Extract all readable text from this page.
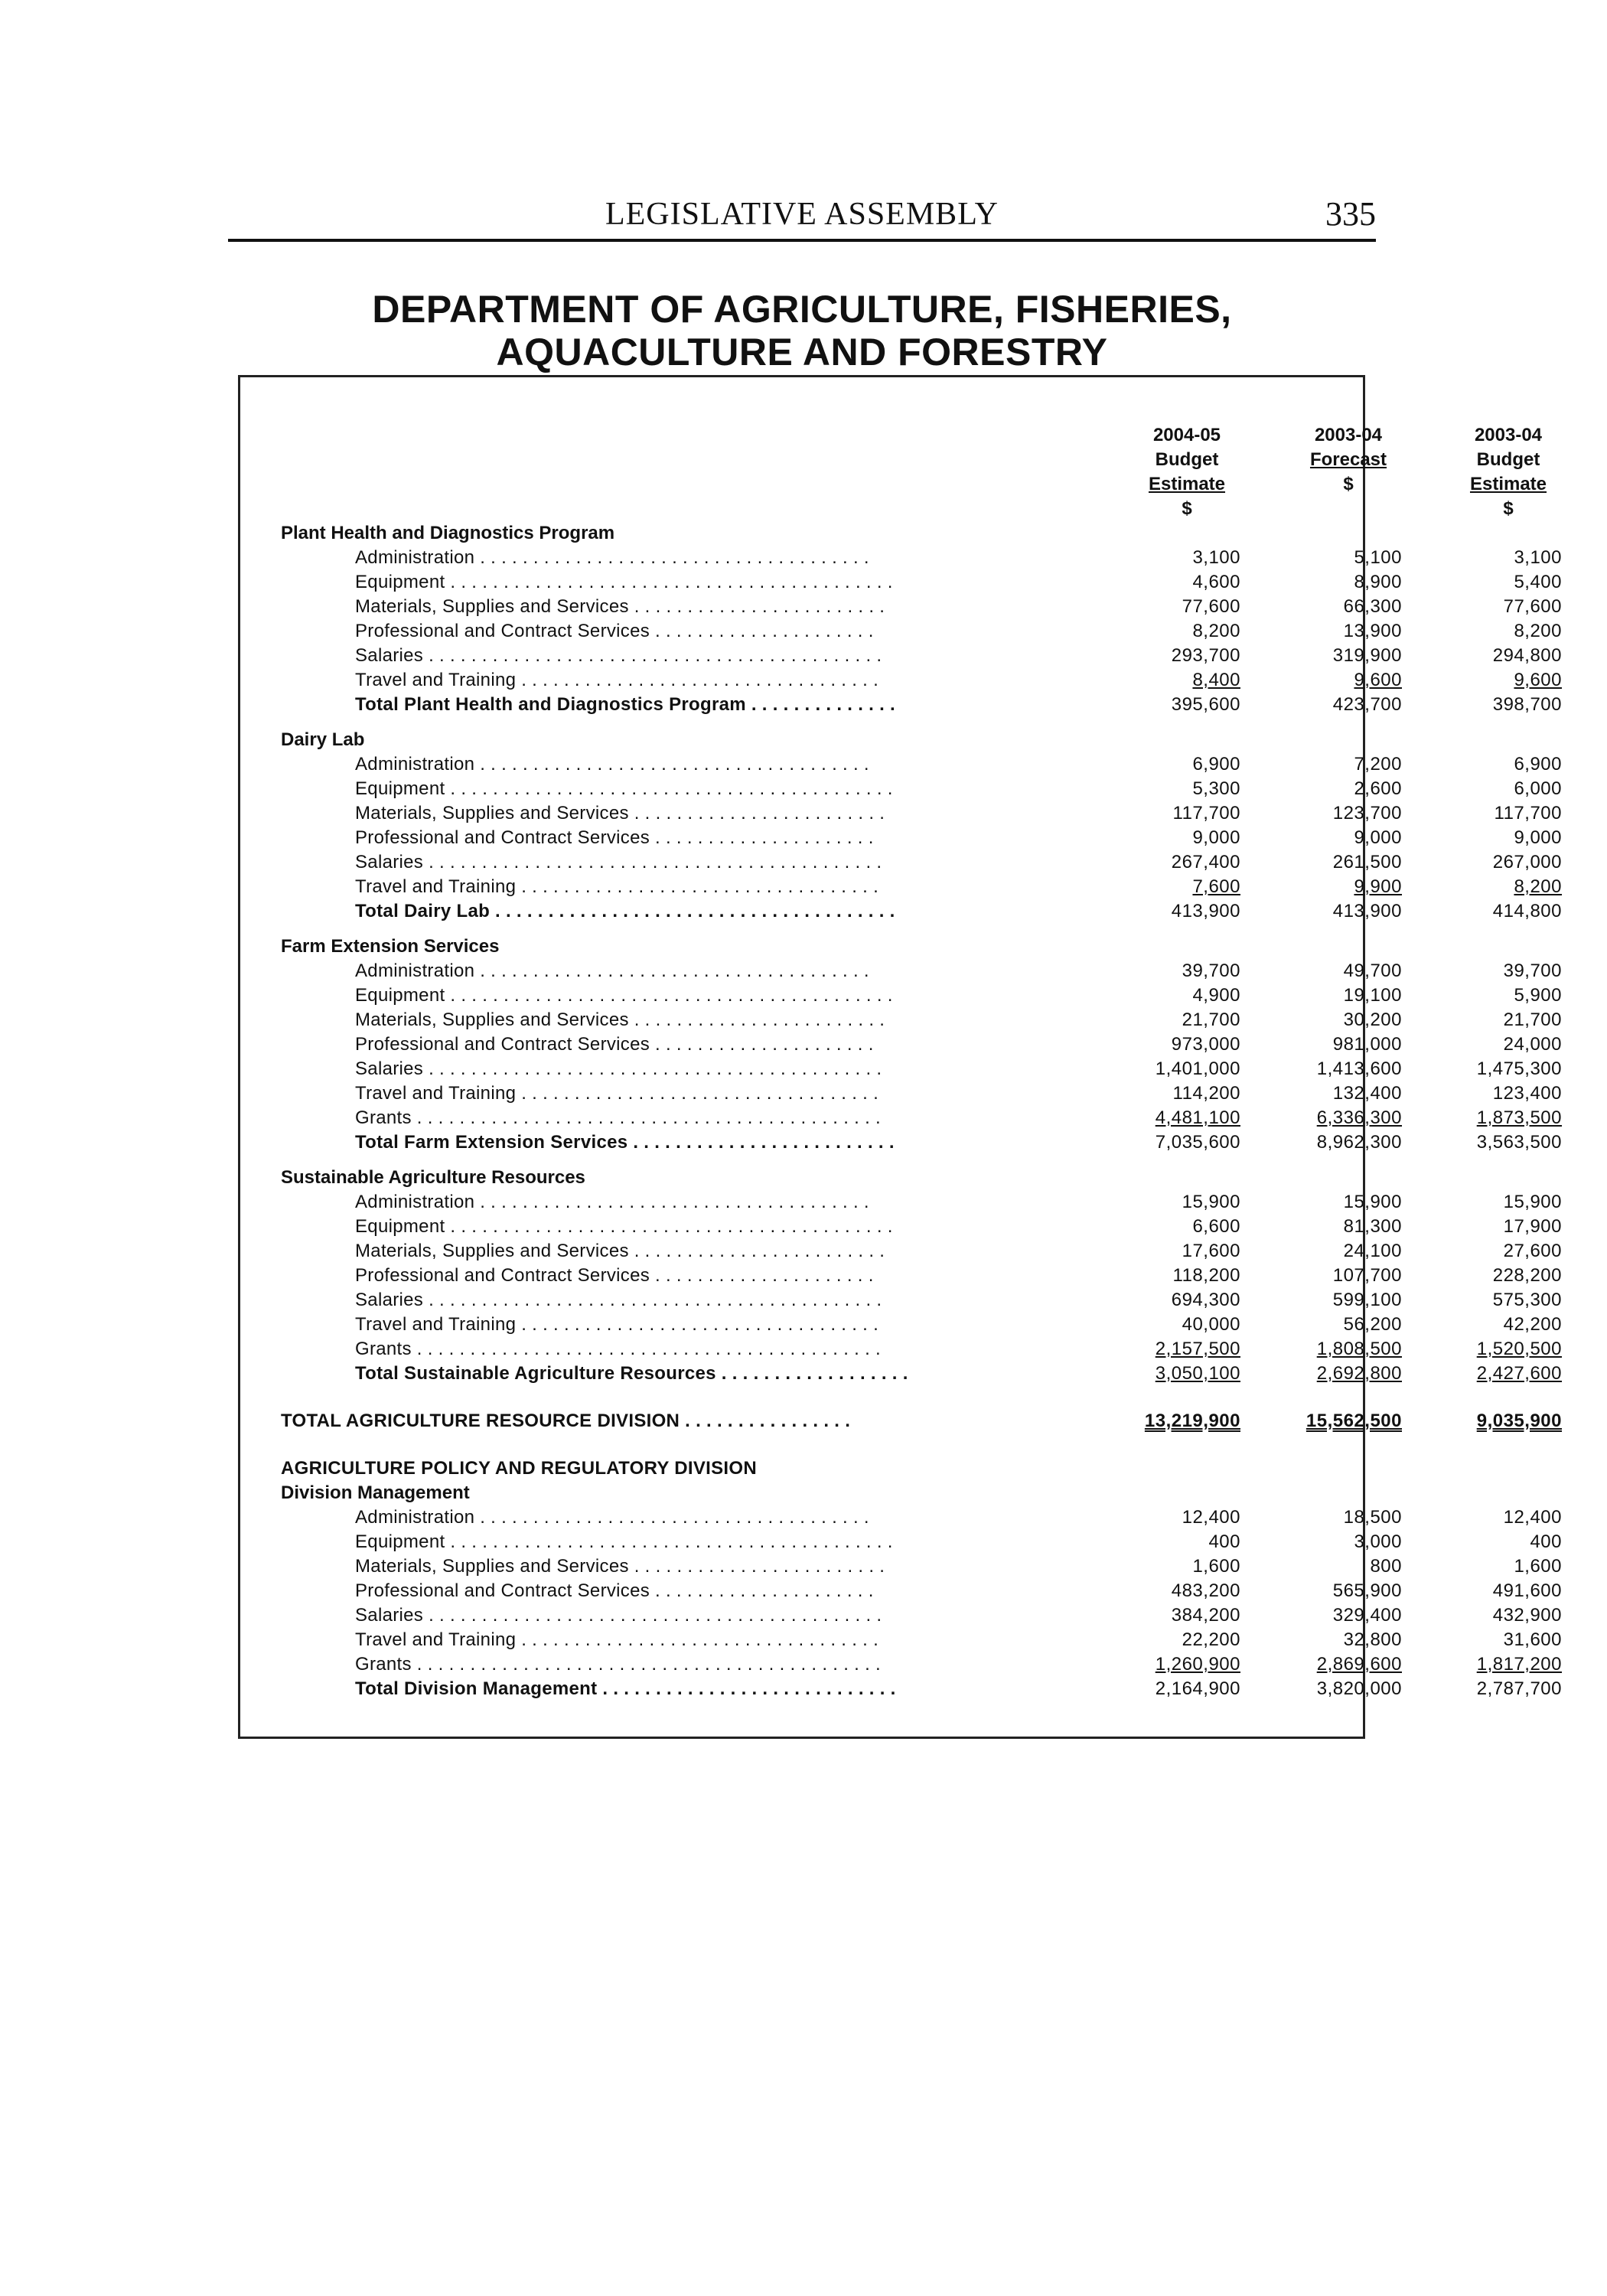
LEGISLATIVE ASSEMBLY	335
DEPARTMENT OF AGRICULTURE, FISHERIES,
AQUACULTURE AND FORESTRY
2004-05
Budget
Estimate
$
2003-04
Forecast
$
2003-04
Budget
Estimate
$
Plant Health and Diagnostics Program
Administration . . . . . . . . . . . . . . . . . . . . . . . . . . . . . . . . . . . . .	3,100	5,100	3,100
Equipment . . . . . . . . . . . . . . . . . . . . . . . . . . . . . . . . . . . . . . . . . .	4,600	8,900	5,400
Materials, Supplies and Services . . . . . . . . . . . . . . . . . . . . . . . .	77,600	66,300	77,600
Professional and Contract Services . . . . . . . . . . . . . . . . . . . . .	8,200	13,900	8,200
Salaries . . . . . . . . . . . . . . . . . . . . . . . . . . . . . . . . . . . . . . . . . . .	293,700	319,900	294,800
Travel and Training . . . . . . . . . . . . . . . . . . . . . . . . . . . . . . . . . .	8,400	9,600	9,600
Total Plant Health and Diagnostics Program . . . . . . . . . . . . . .	395,600	423,700	398,700
Dairy Lab
Administration . . . . . . . . . . . . . . . . . . . . . . . . . . . . . . . . . . . . .	6,900	7,200	6,900
Equipment . . . . . . . . . . . . . . . . . . . . . . . . . . . . . . . . . . . . . . . . . .	5,300	2,600	6,000
Materials, Supplies and Services . . . . . . . . . . . . . . . . . . . . . . . .	117,700	123,700	117,700
Professional and Contract Services . . . . . . . . . . . . . . . . . . . . .	9,000	9,000	9,000
Salaries . . . . . . . . . . . . . . . . . . . . . . . . . . . . . . . . . . . . . . . . . . .	267,400	261,500	267,000
Travel and Training . . . . . . . . . . . . . . . . . . . . . . . . . . . . . . . . . .	7,600	9,900	8,200
Total Dairy Lab . . . . . . . . . . . . . . . . . . . . . . . . . . . . . . . . . . . . . .	413,900	413,900	414,800
Farm Extension Services
Administration . . . . . . . . . . . . . . . . . . . . . . . . . . . . . . . . . . . . .	39,700	49,700	39,700
Equipment . . . . . . . . . . . . . . . . . . . . . . . . . . . . . . . . . . . . . . . . . .	4,900	19,100	5,900
Materials, Supplies and Services . . . . . . . . . . . . . . . . . . . . . . . .	21,700	30,200	21,700
Professional and Contract Services . . . . . . . . . . . . . . . . . . . . .	973,000	981,000	24,000
Salaries . . . . . . . . . . . . . . . . . . . . . . . . . . . . . . . . . . . . . . . . . . .	1,401,000	1,413,600	1,475,300
Travel and Training . . . . . . . . . . . . . . . . . . . . . . . . . . . . . . . . . .	114,200	132,400	123,400
Grants . . . . . . . . . . . . . . . . . . . . . . . . . . . . . . . . . . . . . . . . . . . .	4,481,100	6,336,300	1,873,500
Total Farm Extension Services . . . . . . . . . . . . . . . . . . . . . . . . .	7,035,600	8,962,300	3,563,500
Sustainable Agriculture Resources
Administration . . . . . . . . . . . . . . . . . . . . . . . . . . . . . . . . . . . . .	15,900	15,900	15,900
Equipment . . . . . . . . . . . . . . . . . . . . . . . . . . . . . . . . . . . . . . . . . .	6,600	81,300	17,900
Materials, Supplies and Services . . . . . . . . . . . . . . . . . . . . . . . .	17,600	24,100	27,600
Professional and Contract Services . . . . . . . . . . . . . . . . . . . . .	118,200	107,700	228,200
Salaries . . . . . . . . . . . . . . . . . . . . . . . . . . . . . . . . . . . . . . . . . . .	694,300	599,100	575,300
Travel and Training . . . . . . . . . . . . . . . . . . . . . . . . . . . . . . . . . .	40,000	56,200	42,200
Grants . . . . . . . . . . . . . . . . . . . . . . . . . . . . . . . . . . . . . . . . . . . .	2,157,500	1,808,500	1,520,500
Total Sustainable Agriculture Resources . . . . . . . . . . . . . . . . . .	3,050,100	2,692,800	2,427,600
TOTAL AGRICULTURE RESOURCE DIVISION . . . . . . . . . . . . . . . .	13,219,900	15,562,500	9,035,900
AGRICULTURE POLICY AND REGULATORY DIVISION
Division Management
Administration . . . . . . . . . . . . . . . . . . . . . . . . . . . . . . . . . . . . .	12,400	18,500	12,400
Equipment . . . . . . . . . . . . . . . . . . . . . . . . . . . . . . . . . . . . . . . . . .	400	3,000	400
Materials, Supplies and Services . . . . . . . . . . . . . . . . . . . . . . . .	1,600	800	1,600
Professional and Contract Services . . . . . . . . . . . . . . . . . . . . .	483,200	565,900	491,600
Salaries . . . . . . . . . . . . . . . . . . . . . . . . . . . . . . . . . . . . . . . . . . .	384,200	329,400	432,900
Travel and Training . . . . . . . . . . . . . . . . . . . . . . . . . . . . . . . . . .	22,200	32,800	31,600
Grants . . . . . . . . . . . . . . . . . . . . . . . . . . . . . . . . . . . . . . . . . . . .	1,260,900	2,869,600	1,817,200
Total Division Management . . . . . . . . . . . . . . . . . . . . . . . . . . . .	2,164,900	3,820,000	2,787,700
